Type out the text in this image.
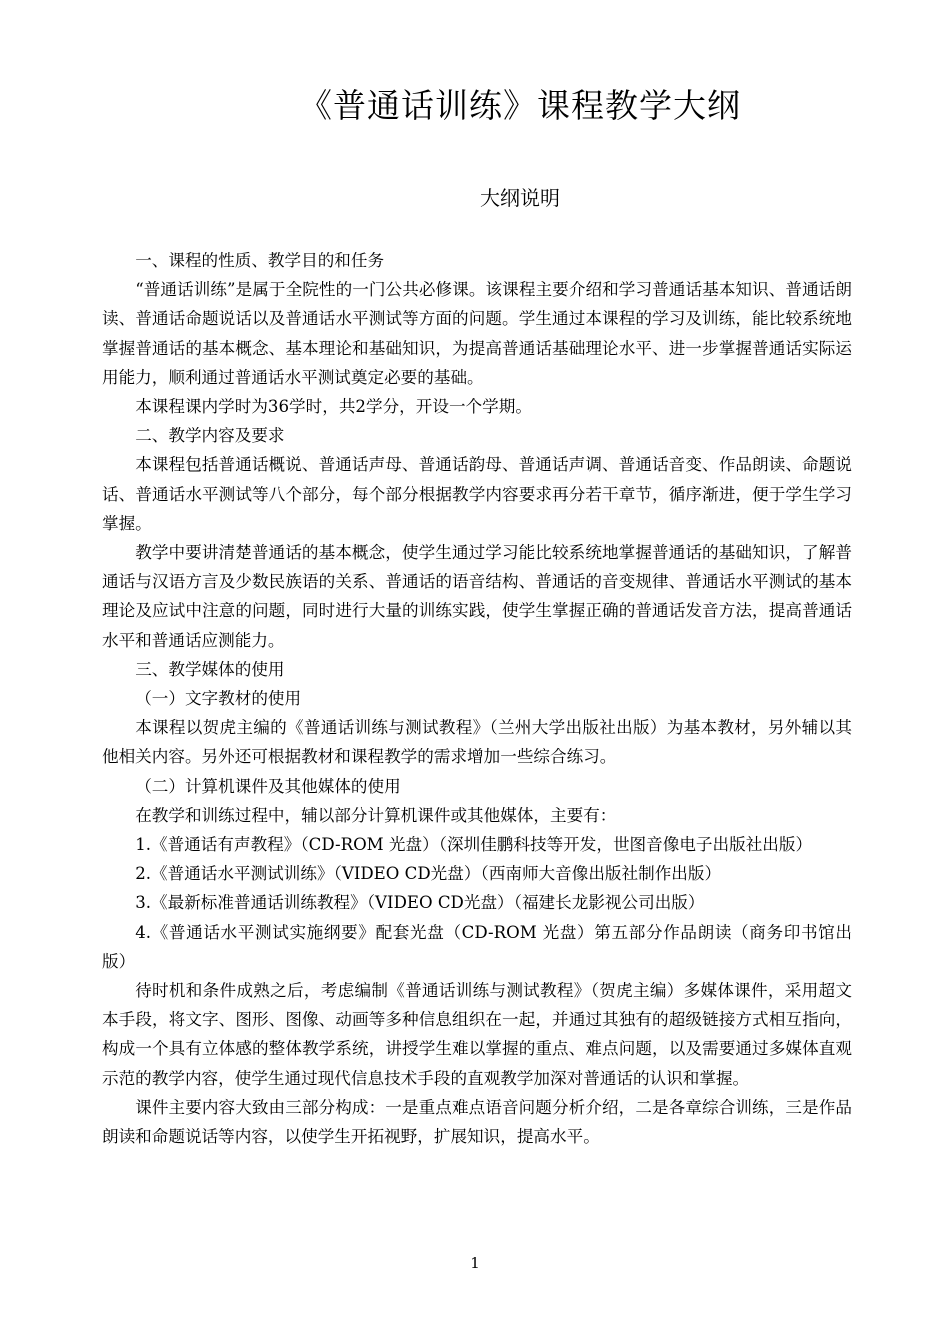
《普通话训练》课程教学大纲
大纲说明

一、课程的性质、教学目的和任务

“普通话训练”是属于全院性的一门公共必修课。该课程主要介绍和学习普通话基本知识、普通话朗读、普通话命题说话以及普通话水平测试等方面的问题。学生通过本课程的学习及训练，能比较系统地掌握普通话的基本概念、基本理论和基础知识，为提高普通话基础理论水平、进一步掌握普通话实际运用能力，顺利通过普通话水平测试奠定必要的基础。

本课程课内学时为36学时，共2学分，开设一个学期。

二、教学内容及要求

本课程包括普通话概说、普通话声母、普通话韵母、普通话声调、普通话音变、作品朗读、命题说话、普通话水平测试等八个部分，每个部分根据教学内容要求再分若干章节，循序渐进，便于学生学习掌握。

教学中要讲清楚普通话的基本概念，使学生通过学习能比较系统地掌握普通话的基础知识，了解普通话与汉语方言及少数民族语的关系、普通话的语音结构、普通话的音变规律、普通话水平测试的基本理论及应试中注意的问题，同时进行大量的训练实践，使学生掌握正确的普通话发音方法，提高普通话水平和普通话应测能力。

三、教学媒体的使用

（一）文字教材的使用

本课程以贺虎主编的《普通话训练与测试教程》（兰州大学出版社出版）为基本教材，另外辅以其他相关内容。另外还可根据教材和课程教学的需求增加一些综合练习。

（二）计算机课件及其他媒体的使用

在教学和训练过程中，辅以部分计算机课件或其他媒体，主要有：

1.《普通话有声教程》（CD-ROM 光盘）（深圳佳鹏科技等开发，世图音像电子出版社出版）

2.《普通话水平测试训练》（VIDEO CD光盘）（西南师大音像出版社制作出版）

3.《最新标准普通话训练教程》（VIDEO CD光盘）（福建长龙影视公司出版）

4.《普通话水平测试实施纲要》配套光盘（CD-ROM 光盘）第五部分作品朗读（商务印书馆出版）

待时机和条件成熟之后，考虑编制《普通话训练与测试教程》（贺虎主编）多媒体课件，采用超文本手段，将文字、图形、图像、动画等多种信息组织在一起，并通过其独有的超级链接方式相互指向，构成一个具有立体感的整体教学系统，讲授学生难以掌握的重点、难点问题，以及需要通过多媒体直观示范的教学内容，使学生通过现代信息技术手段的直观教学加深对普通话的认识和掌握。

课件主要内容大致由三部分构成：一是重点难点语音问题分析介绍，二是各章综合训练，三是作品朗读和命题说话等内容，以使学生开拓视野，扩展知识，提高水平。

1
